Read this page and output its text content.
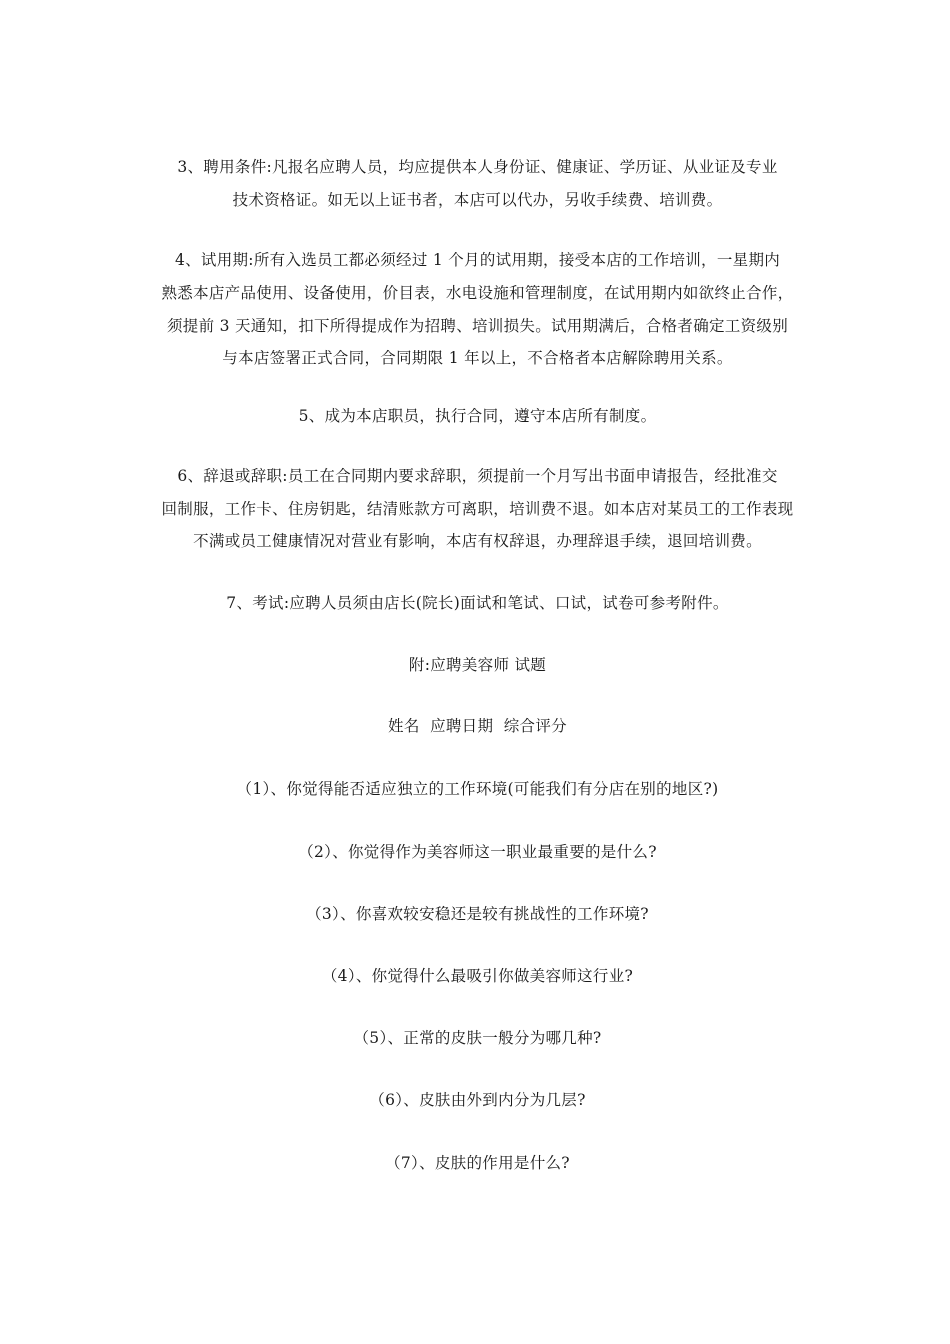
3、聘用条件:凡报名应聘人员，均应提供本人身份证、健康证、学历证、从业证及专业
技术资格证。如无以上证书者，本店可以代办，另收手续费、培训费。
4、试用期:所有入选员工都必须经过 1 个月的试用期，接受本店的工作培训，一星期内
熟悉本店产品使用、设备使用，价目表，水电设施和管理制度，在试用期内如欲终止合作，
须提前 3 天通知，扣下所得提成作为招聘、培训损失。试用期满后，合格者确定工资级别
与本店签署正式合同，合同期限 1 年以上，不合格者本店解除聘用关系。
5、成为本店职员，执行合同，遵守本店所有制度。
6、辞退或辞职:员工在合同期内要求辞职，须提前一个月写出书面申请报告，经批准交
回制服，工作卡、住房钥匙，结清账款方可离职，培训费不退。如本店对某员工的工作表现
不满或员工健康情况对营业有影响，本店有权辞退，办理辞退手续，退回培训费。
7、考试:应聘人员须由店长(院长)面试和笔试、口试，试卷可参考附件。
附:应聘美容师 试题
姓名  应聘日期  综合评分
（1）、你觉得能否适应独立的工作环境(可能我们有分店在别的地区?)
（2）、你觉得作为美容师这一职业最重要的是什么?
（3）、你喜欢较安稳还是较有挑战性的工作环境?
（4）、你觉得什么最吸引你做美容师这行业?
（5）、正常的皮肤一般分为哪几种?
（6）、皮肤由外到内分为几层?
（7）、皮肤的作用是什么?
